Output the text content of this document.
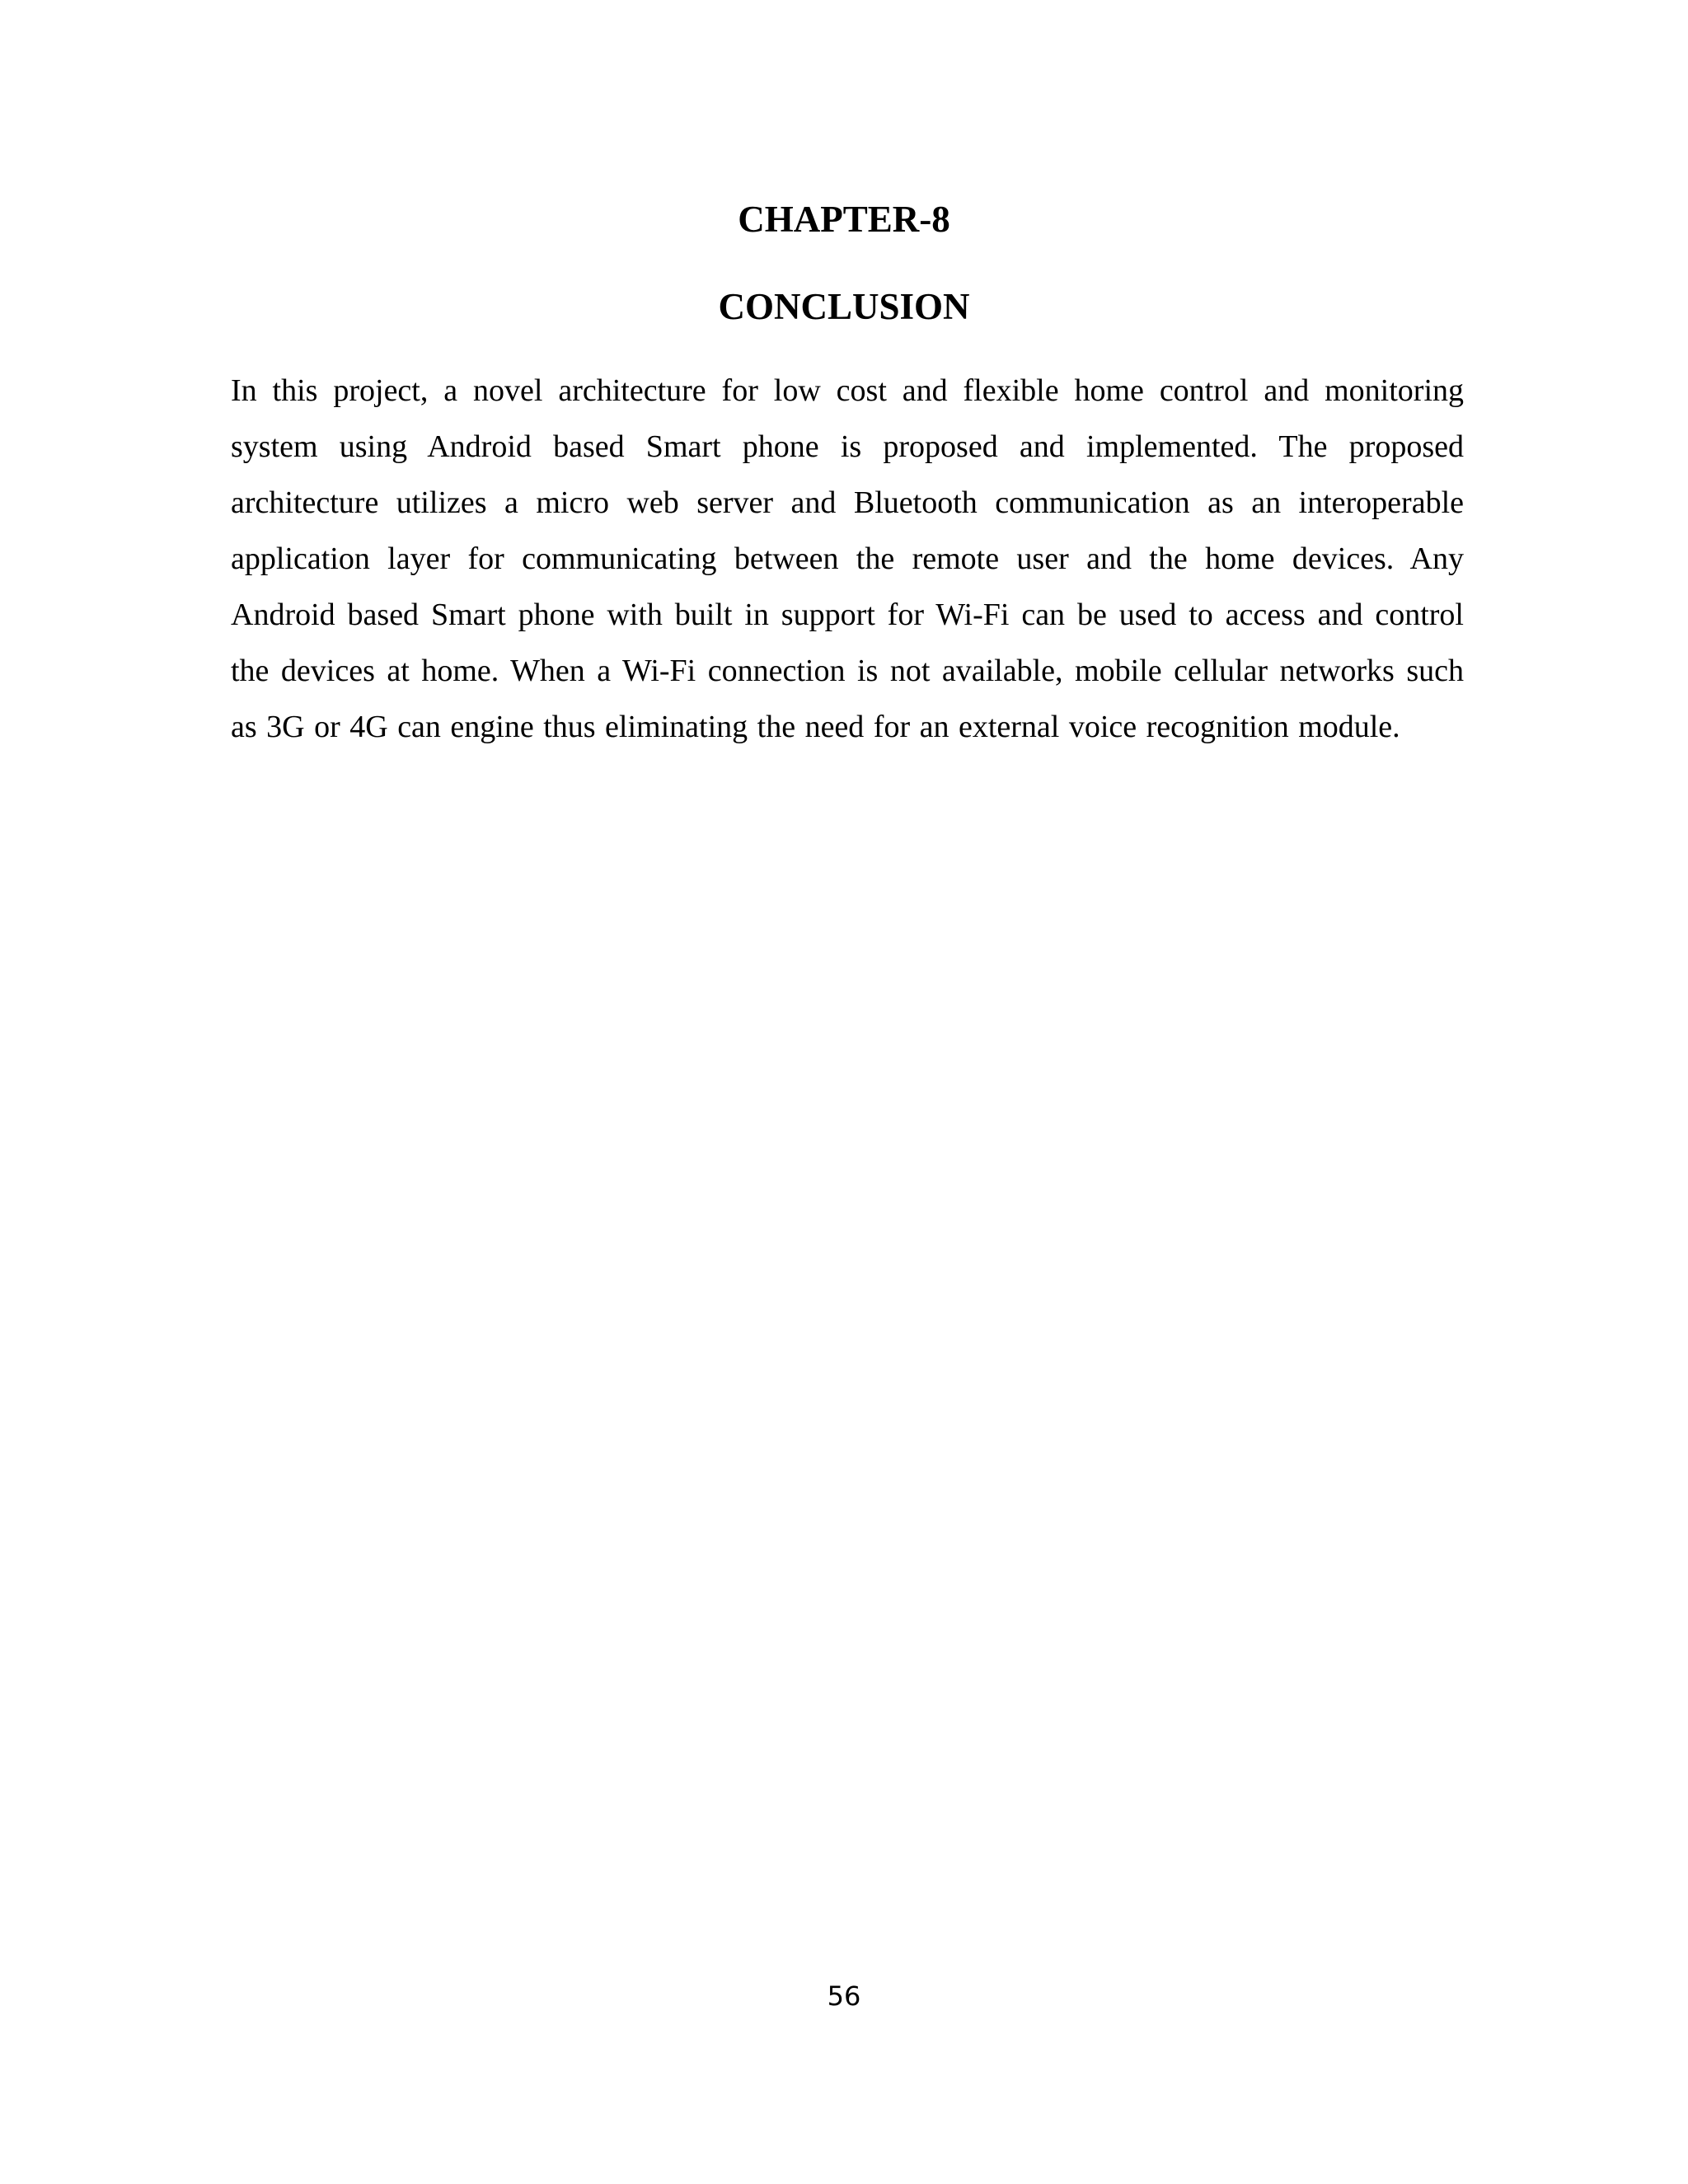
CHAPTER-8
CONCLUSION

In this project, a novel architecture for low cost and flexible home control and monitoring system using Android based Smart phone is proposed and implemented. The proposed architecture utilizes a micro web server and Bluetooth communication as an interoperable application layer for communicating between the remote user and the home devices. Any Android based Smart phone with built in support for Wi-Fi can be used to access and control the devices at home. When a Wi-Fi connection is not available, mobile cellular networks such as 3G or 4G can engine thus eliminating the need for an external voice recognition module.

56
